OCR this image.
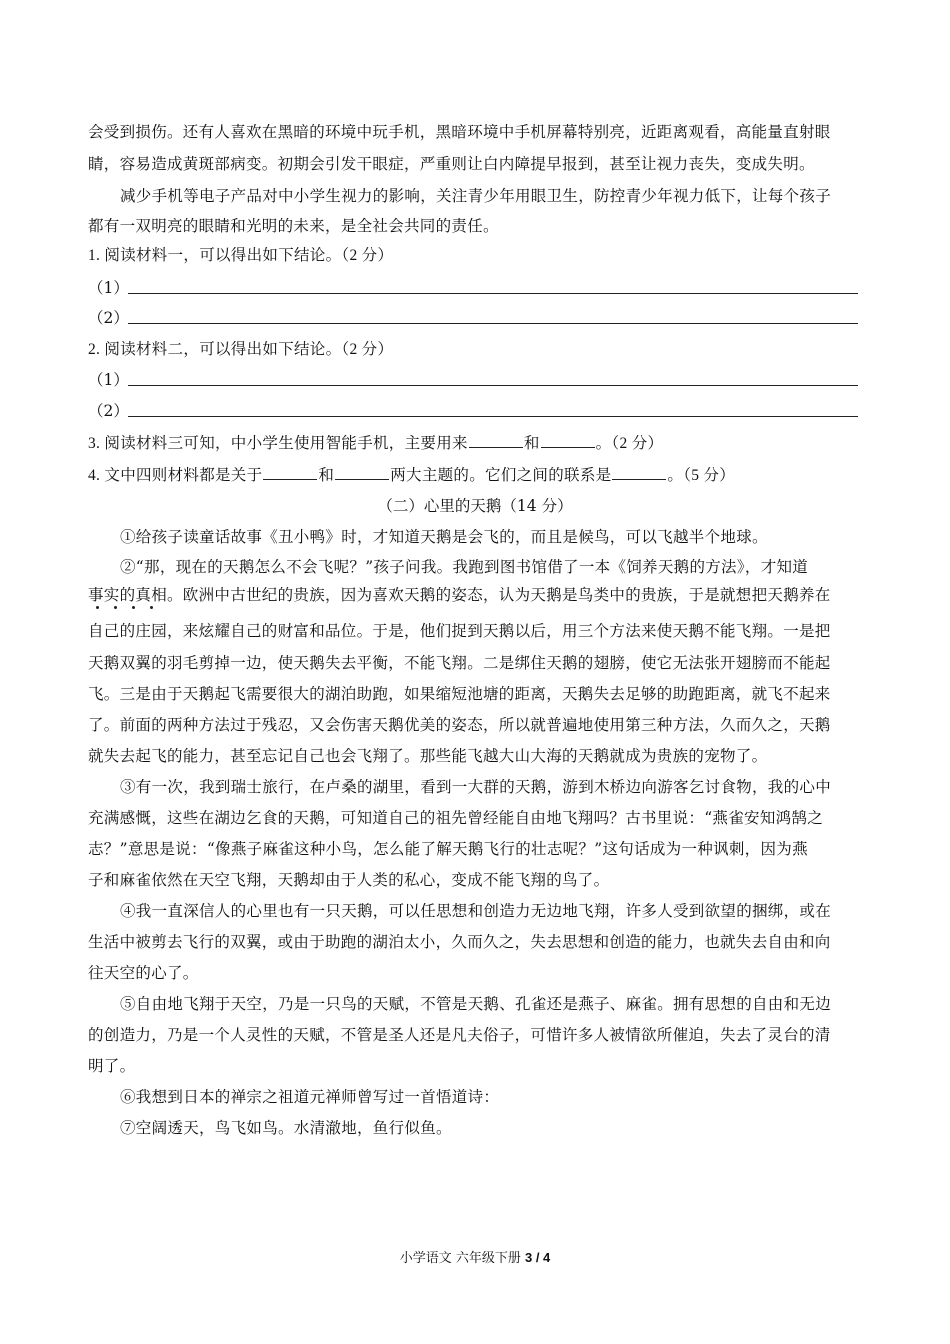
会受到损伤。还有人喜欢在黑暗的环境中玩手机，黑暗环境中手机屏幕特别亮，近距离观看，高能量直射眼
睛，容易造成黄斑部病变。初期会引发干眼症，严重则让白内障提早报到，甚至让视力丧失，变成失明。
减少手机等电子产品对中小学生视力的影响，关注青少年用眼卫生，防控青少年视力低下，让每个孩子
都有一双明亮的眼睛和光明的未来，是全社会共同的责任。
1. 阅读材料一，可以得出如下结论。（2 分）
（1）
（2）
2. 阅读材料二，可以得出如下结论。（2 分）
（1）
（2）
3. 阅读材料三可知，中小学生使用智能手机，主要用来	和	。（2 分）
4. 文中四则材料都是关于	和	两大主题的。它们之间的联系是	。（5 分）
（二）心里的天鹅（14 分）
①给孩子读童话故事《丑小鸭》时，才知道天鹅是会飞的，而且是候鸟，可以飞越半个地球。
②“那，现在的天鹅怎么不会飞呢？”孩子问我。我跑到图书馆借了一本《饲养天鹅的方法》，才知道
事实的真相。欧洲中古世纪的贵族，因为喜欢天鹅的姿态，认为天鹅是鸟类中的贵族，于是就想把天鹅养在
自己的庄园，来炫耀自己的财富和品位。于是，他们捉到天鹅以后，用三个方法来使天鹅不能飞翔。一是把
天鹅双翼的羽毛剪掉一边，使天鹅失去平衡，不能飞翔。二是绑住天鹅的翅膀，使它无法张开翅膀而不能起
飞。三是由于天鹅起飞需要很大的湖泊助跑，如果缩短池塘的距离，天鹅失去足够的助跑距离，就飞不起来
了。前面的两种方法过于残忍，又会伤害天鹅优美的姿态，所以就普遍地使用第三种方法，久而久之，天鹅
就失去起飞的能力，甚至忘记自己也会飞翔了。那些能飞越大山大海的天鹅就成为贵族的宠物了。
③有一次，我到瑞士旅行，在卢桑的湖里，看到一大群的天鹅，游到木桥边向游客乞讨食物，我的心中
充满感慨，这些在湖边乞食的天鹅，可知道自己的祖先曾经能自由地飞翔吗？古书里说：“燕雀安知鸿鹄之
志？”意思是说：“像燕子麻雀这种小鸟，怎么能了解天鹅飞行的壮志呢？”这句话成为一种讽刺，因为燕
子和麻雀依然在天空飞翔，天鹅却由于人类的私心，变成不能飞翔的鸟了。
④我一直深信人的心里也有一只天鹅，可以任思想和创造力无边地飞翔，许多人受到欲望的捆绑，或在
生活中被剪去飞行的双翼，或由于助跑的湖泊太小，久而久之，失去思想和创造的能力，也就失去自由和向
往天空的心了。
⑤自由地飞翔于天空，乃是一只鸟的天赋，不管是天鹅、孔雀还是燕子、麻雀。拥有思想的自由和无边
的创造力，乃是一个人灵性的天赋，不管是圣人还是凡夫俗子，可惜许多人被情欲所催迫，失去了灵台的清
明了。
⑥我想到日本的禅宗之祖道元禅师曾写过一首悟道诗：
⑦空阔透天，鸟飞如鸟。水清澈地，鱼行似鱼。
小学语文 六年级下册 3 / 4
